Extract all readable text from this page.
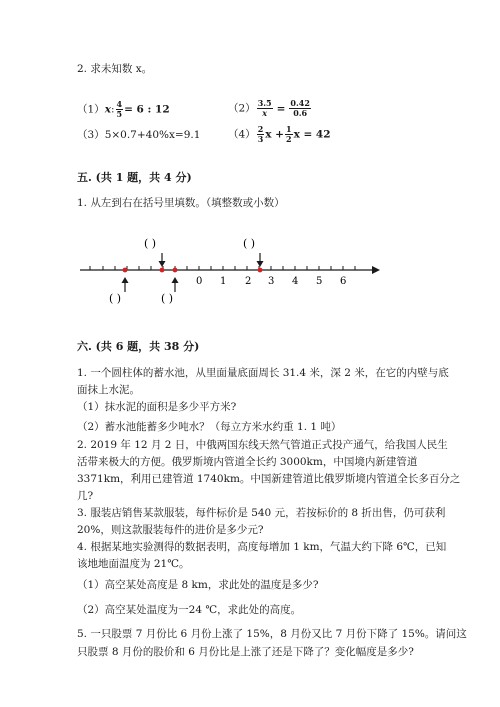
2. 求未知数 x。
（1）x: $\frac{4}{5} = 6$ : 12	$(2) \frac{3.5}{x} = \frac{0.42}{0.6}$
（3）5×0.7+40%x=9.1	$(4) \frac{2}{3}$ $x + \frac{1}{2}$ x = 42
五. (共 1 题，共 4 分)
1. 从左到右在括号里填数。（填整数或小数）
( )	( )
( )	( )
0 1 2 3 4 5 6
六. (共 6 题，共 38 分)
1. 一个圆柱体的蓄水池，从里面量底面周长 31.4 米，深 2 米，在它的内壁与底
面抹上水泥。
（1）抹水泥的面积是多少平方米?
（2）蓄水池能蓄多少吨水？（每立方米水约重 1. 1 吨）
2. 2019 年 12 月 2 日，中俄两国东线天然气管道正式投产通气，给我国人民生
活带来极大的方便。俄罗斯境内管道全长约 3000km，中国境内新建管道
3371km，利用已建管道 1740km。中国新建管道比俄罗斯境内管道全长多百分之
几?
3. 服装店销售某款服装，每件标价是 540 元，若按标价的 8 折出售，仍可获利
20%，则这款服装每件的进价是多少元?
4. 根据某地实验测得的数据表明，高度每增加 1 km，气温大约下降 6℃，已知
该地地面温度为 21℃。
（1）高空某处高度是 8 km，求此处的温度是多少?
（2）高空某处温度为一24 ℃，求此处的高度。
5. 一只股票 7 月份比 6 月份上涨了 15%，8 月份又比 7 月份下降了 15%。请问这
只股票 8 月份的股价和 6 月份比是上涨了还是下降了？变化幅度是多少?
